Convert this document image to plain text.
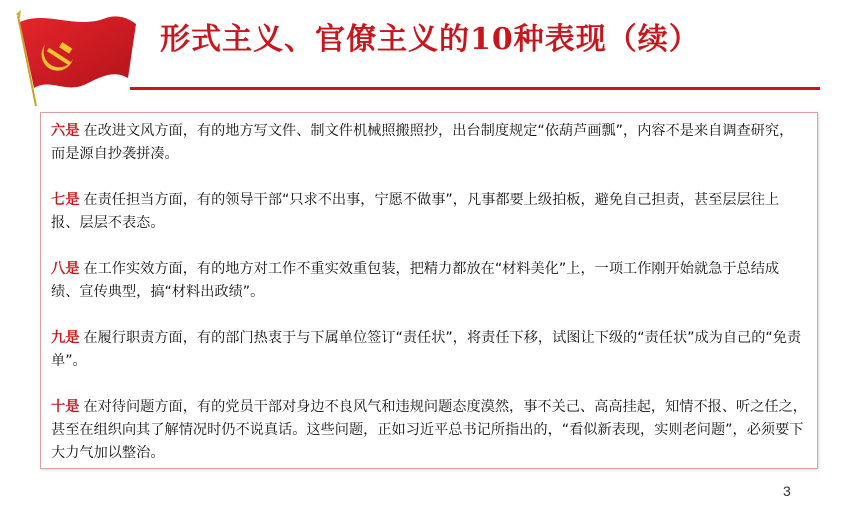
形式主义、官僚主义的10种表现（续）

六是 在改进文风方面，有的地方写文件、制文件机械照搬照抄，出台制度规定“依葫芦画瓢”，内容不是来自调查研究，而是源自抄袭拼凑。

七是 在责任担当方面，有的领导干部“只求不出事，宁愿不做事”，凡事都要上级拍板，避免自己担责，甚至层层往上报、层层不表态。

八是 在工作实效方面，有的地方对工作不重实效重包装，把精力都放在“材料美化”上，一项工作刚开始就急于总结成绩、宣传典型，搞“材料出政绩”。

九是 在履行职责方面，有的部门热衷于与下属单位签订“责任状”，将责任下移，试图让下级的“责任状”成为自己的“免责单”。

十是 在对待问题方面，有的党员干部对身边不良风气和违规问题态度漠然，事不关己、高高挂起，知情不报、听之任之，甚至在组织向其了解情况时仍不说真话。这些问题，正如习近平总书记所指出的，“看似新表现，实则老问题”，必须要下大力气加以整治。

3
